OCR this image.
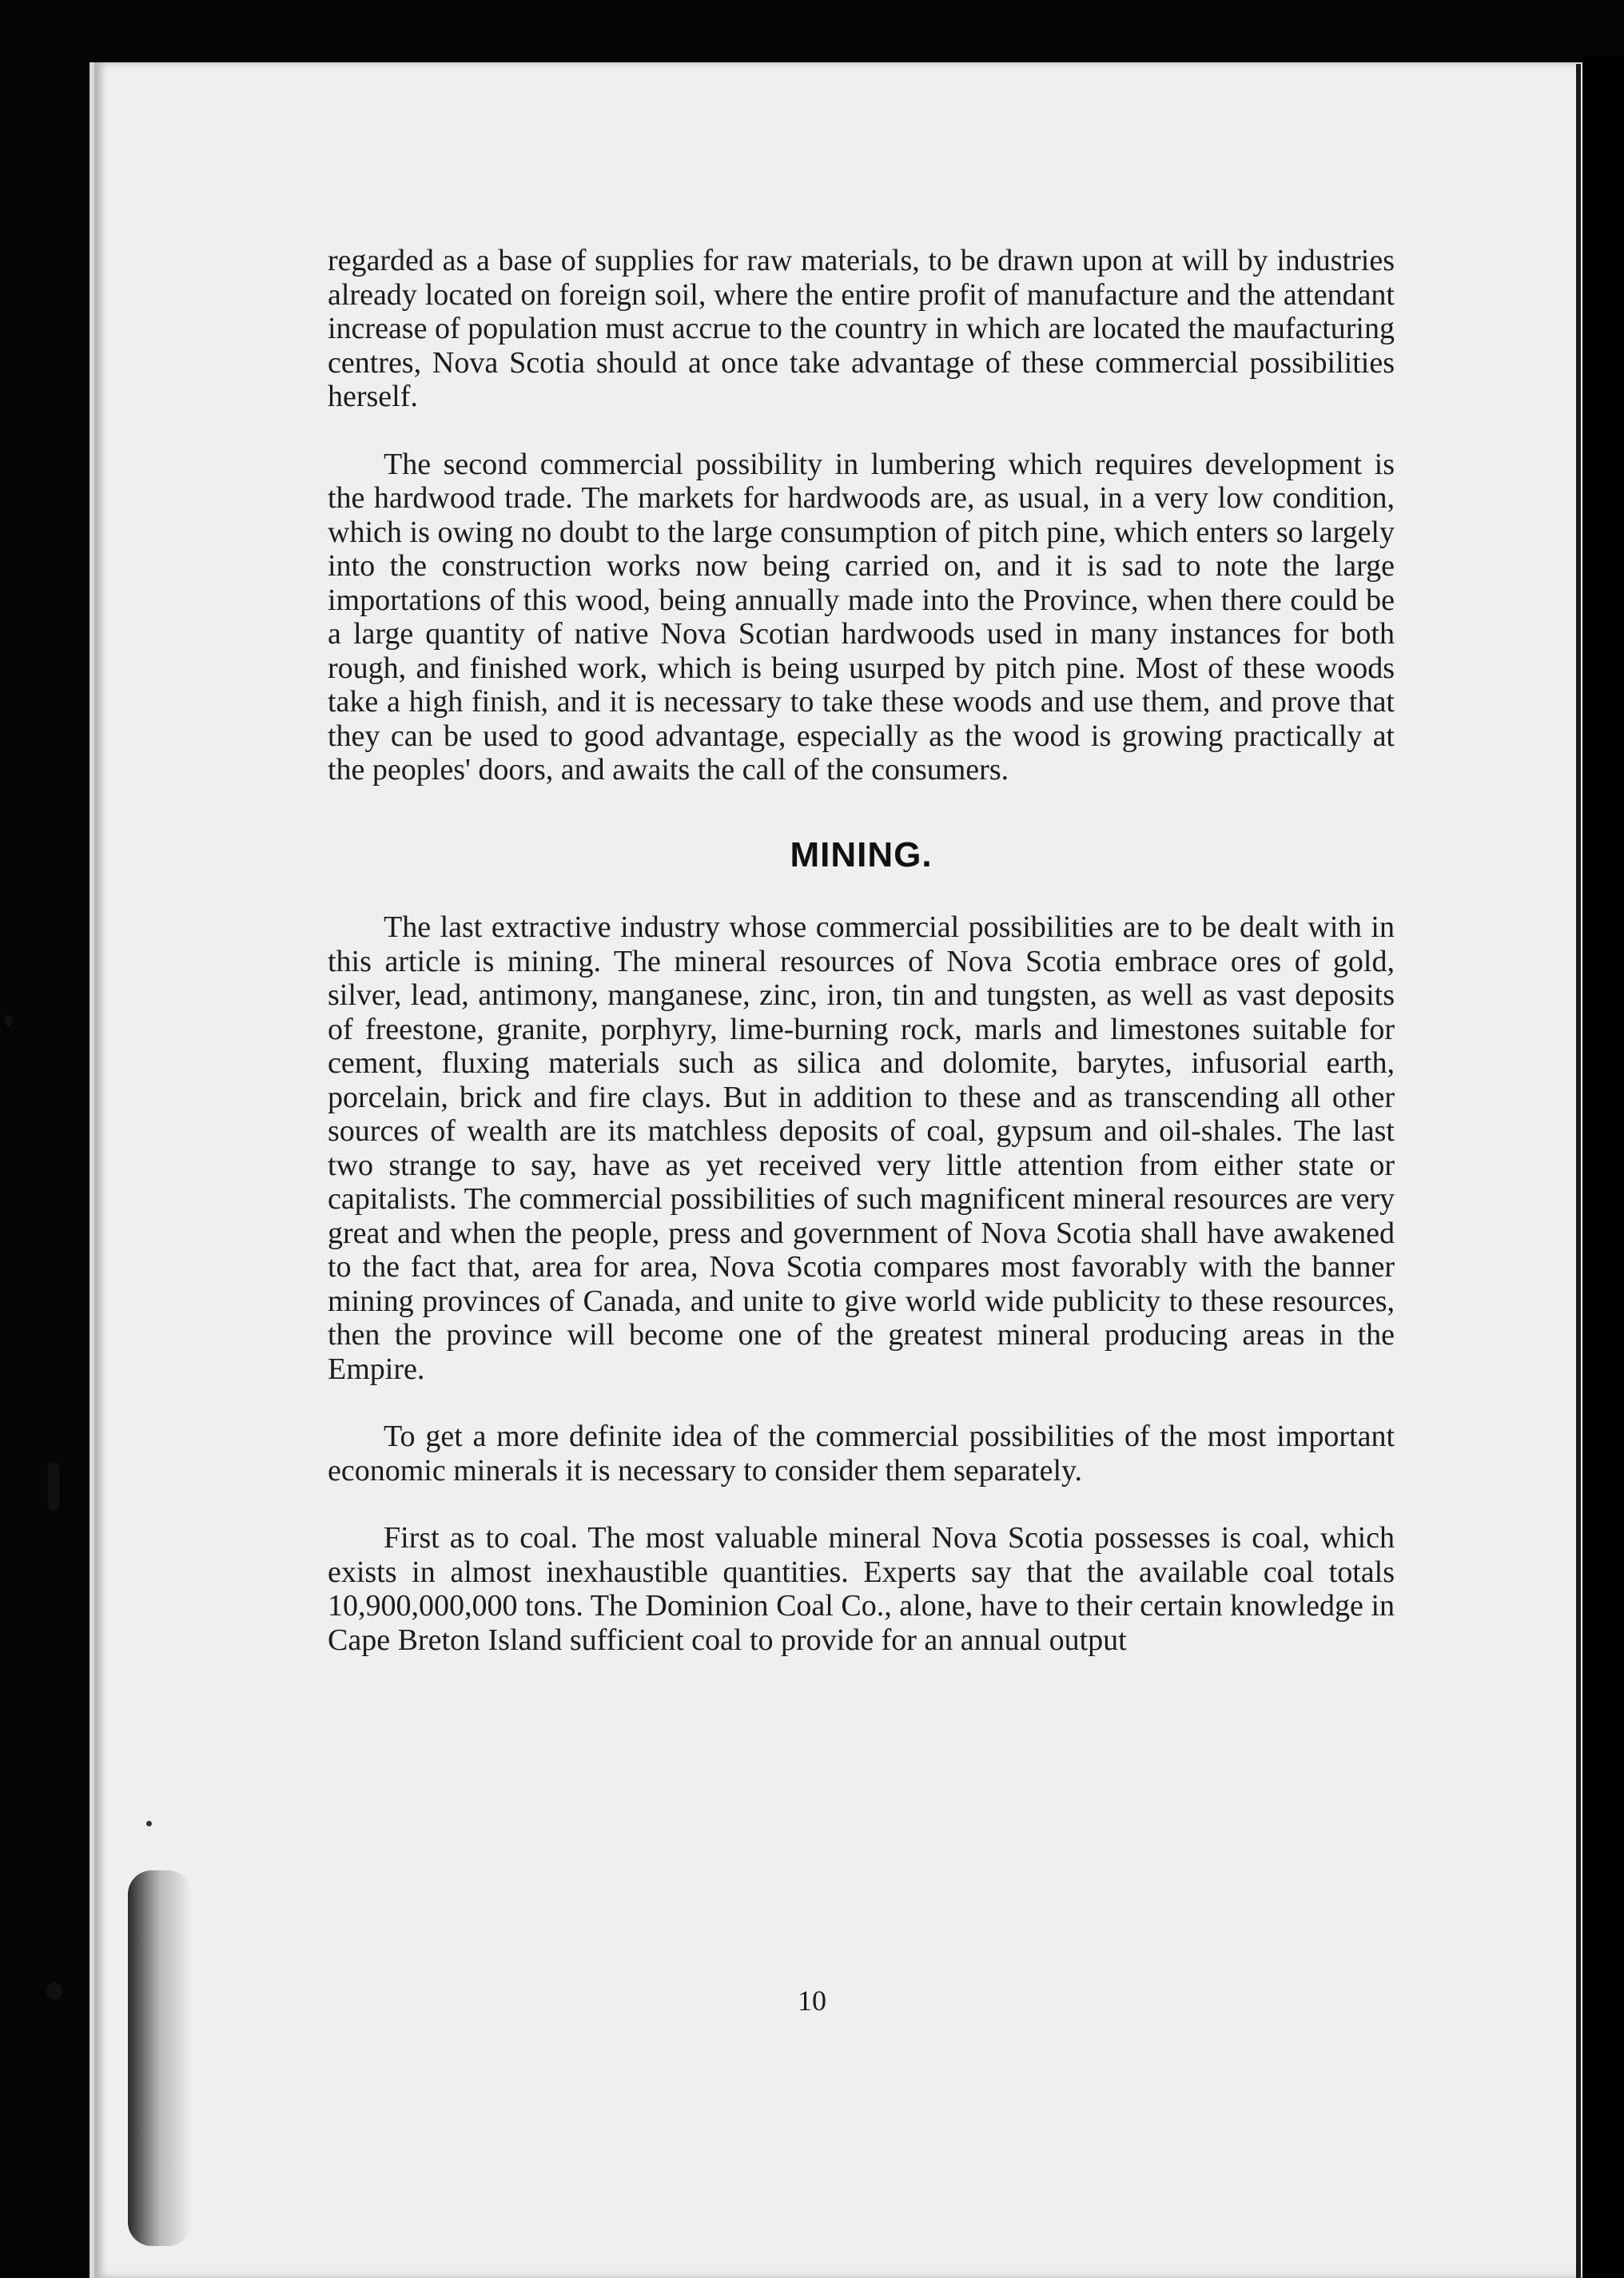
regarded as a base of supplies for raw materials, to be drawn upon at will by industries already located on foreign soil, where the entire profit of manufacture and the attendant increase of population must accrue to the country in which are located the maufacturing centres, Nova Scotia should at once take advantage of these commercial possibilities herself.

The second commercial possibility in lumbering which requires development is the hardwood trade. The markets for hardwoods are, as usual, in a very low condition, which is owing no doubt to the large consumption of pitch pine, which enters so largely into the construction works now being carried on, and it is sad to note the large importations of this wood, being annually made into the Province, when there could be a large quantity of native Nova Scotian hardwoods used in many instances for both rough, and finished work, which is being usurped by pitch pine. Most of these woods take a high finish, and it is necessary to take these woods and use them, and prove that they can be used to good advantage, especially as the wood is growing practically at the peoples' doors, and awaits the call of the consumers.

MINING.

The last extractive industry whose commercial possibilities are to be dealt with in this article is mining. The mineral resources of Nova Scotia embrace ores of gold, silver, lead, antimony, manganese, zinc, iron, tin and tungsten, as well as vast deposits of freestone, granite, porphyry, lime-burning rock, marls and limestones suitable for cement, fluxing materials such as silica and dolomite, barytes, infusorial earth, porcelain, brick and fire clays. But in addition to these and as transcending all other sources of wealth are its matchless deposits of coal, gypsum and oil-shales. The last two strange to say, have as yet received very little attention from either state or capitalists. The commercial possibilities of such magnificent mineral resources are very great and when the people, press and government of Nova Scotia shall have awakened to the fact that, area for area, Nova Scotia compares most favorably with the banner mining provinces of Canada, and unite to give world wide publicity to these resources, then the province will become one of the greatest mineral producing areas in the Empire.

To get a more definite idea of the commercial possibilities of the most important economic minerals it is necessary to consider them separately.

First as to coal. The most valuable mineral Nova Scotia possesses is coal, which exists in almost inexhaustible quantities. Experts say that the available coal totals 10,900,000,000 tons. The Dominion Coal Co., alone, have to their certain knowledge in Cape Breton Island sufficient coal to provide for an annual output

10
